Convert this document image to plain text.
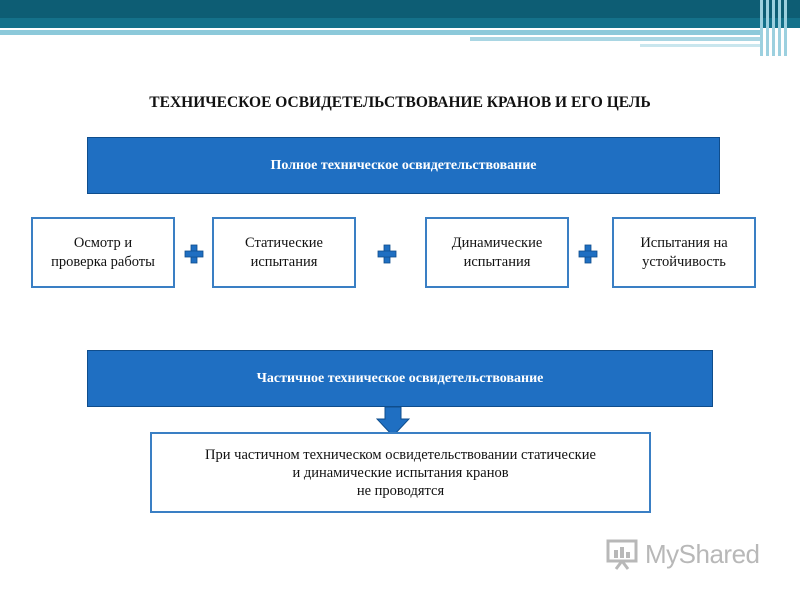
ТЕХНИЧЕСКОЕ ОСВИДЕТЕЛЬСТВОВАНИЕ КРАНОВ И ЕГО ЦЕЛЬ
Полное техническое освидетельствование
Осмотр и
проверка работы
Статические
испытания
Динамические
испытания
Испытания на
устойчивость
Частичное техническое освидетельствование
При частичном техническом освидетельствовании статические
и динамические испытания кранов
не проводятся
MyShared
